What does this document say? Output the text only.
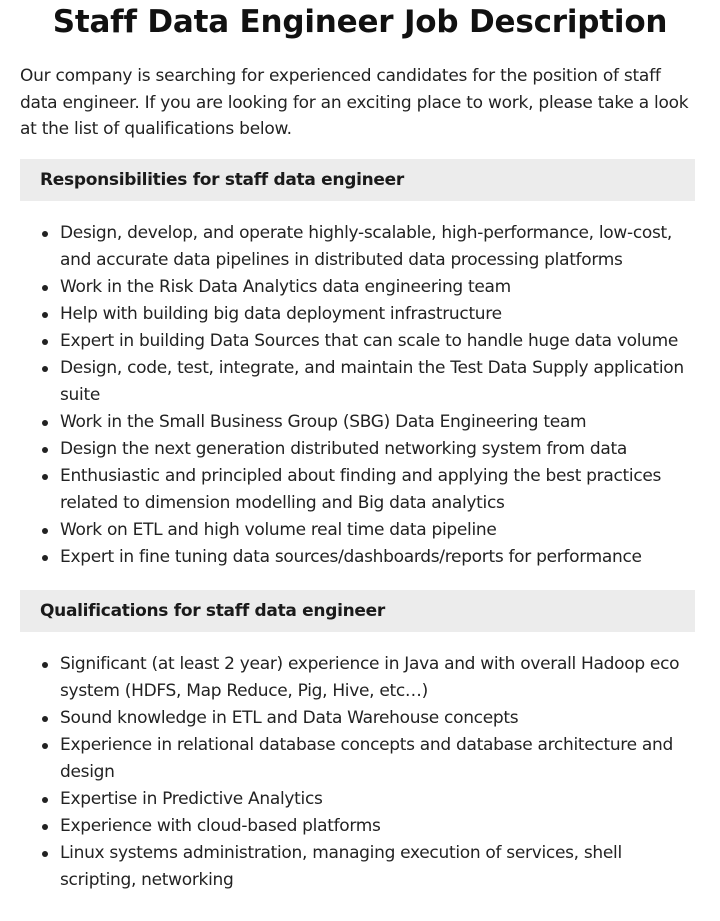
Staff Data Engineer Job Description

Our company is searching for experienced candidates for the position of staff data engineer. If you are looking for an exciting place to work, please take a look at the list of qualifications below.

Responsibilities for staff data engineer
Design, develop, and operate highly-scalable, high-performance, low-cost, and accurate data pipelines in distributed data processing platforms
Work in the Risk Data Analytics data engineering team
Help with building big data deployment infrastructure
Expert in building Data Sources that can scale to handle huge data volume
Design, code, test, integrate, and maintain the Test Data Supply application suite
Work in the Small Business Group (SBG) Data Engineering team
Design the next generation distributed networking system from data
Enthusiastic and principled about finding and applying the best practices related to dimension modelling and Big data analytics
Work on ETL and high volume real time data pipeline
Expert in fine tuning data sources/dashboards/reports for performance
Qualifications for staff data engineer
Significant (at least 2 year) experience in Java and with overall Hadoop eco system (HDFS, Map Reduce, Pig, Hive, etc…)
Sound knowledge in ETL and Data Warehouse concepts
Experience in relational database concepts and database architecture and design
Expertise in Predictive Analytics
Experience with cloud-based platforms
Linux systems administration, managing execution of services, shell scripting, networking
